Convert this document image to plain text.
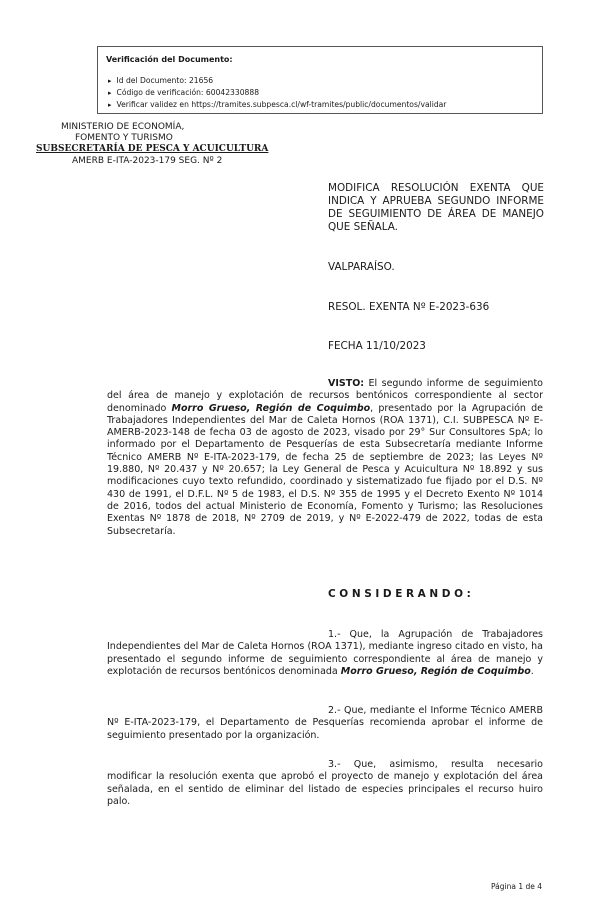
Verificación del Documento:
▸ Id del Documento: 21656
▸ Código de verificación: 60042330888
▸ Verificar validez en https://tramites.subpesca.cl/wf-tramites/public/documentos/validar
MINISTERIO DE ECONOMÍA,
FOMENTO Y TURISMO
SUBSECRETARÍA DE PESCA Y ACUICULTURA
AMERB E-ITA-2023-179 SEG. Nº 2
MODIFICA RESOLUCIÓN EXENTA QUE INDICA Y APRUEBA SEGUNDO INFORME DE SEGUIMIENTO DE ÁREA DE MANEJO QUE SEÑALA.
VALPARAÍSO.
RESOL. EXENTA Nº E-2023-636
FECHA 11/10/2023
VISTO: El segundo informe de seguimiento del área de manejo y explotación de recursos bentónicos correspondiente al sector denominado Morro Grueso, Región de Coquimbo, presentado por la Agrupación de Trabajadores Independientes del Mar de Caleta Hornos (ROA 1371), C.I. SUBPESCA Nº E-AMERB-2023-148 de fecha 03 de agosto de 2023, visado por 29° Sur Consultores SpA; lo informado por el Departamento de Pesquerías de esta Subsecretaría mediante Informe Técnico AMERB Nº E-ITA-2023-179, de fecha 25 de septiembre de 2023; las Leyes Nº 19.880, Nº 20.437 y Nº 20.657; la Ley General de Pesca y Acuicultura Nº 18.892 y sus modificaciones cuyo texto refundido, coordinado y sistematizado fue fijado por el D.S. Nº 430 de 1991, el D.F.L. Nº 5 de 1983, el D.S. Nº 355 de 1995 y el Decreto Exento Nº 1014 de 2016, todos del actual Ministerio de Economía, Fomento y Turismo; las Resoluciones Exentas Nº 1878 de 2018, Nº 2709 de 2019, y Nº E-2022-479 de 2022, todas de esta Subsecretaría.
CONSIDERANDO:
1.- Que, la Agrupación de Trabajadores Independientes del Mar de Caleta Hornos (ROA 1371), mediante ingreso citado en visto, ha presentado el segundo informe de seguimiento correspondiente al área de manejo y explotación de recursos bentónicos denominada Morro Grueso, Región de Coquimbo.
2.- Que, mediante el Informe Técnico AMERB Nº E-ITA-2023-179, el Departamento de Pesquerías recomienda aprobar el informe de seguimiento presentado por la organización.
3.- Que, asimismo, resulta necesario modificar la resolución exenta que aprobó el proyecto de manejo y explotación del área señalada, en el sentido de eliminar del listado de especies principales el recurso huiro palo.
Página 1 de 4
